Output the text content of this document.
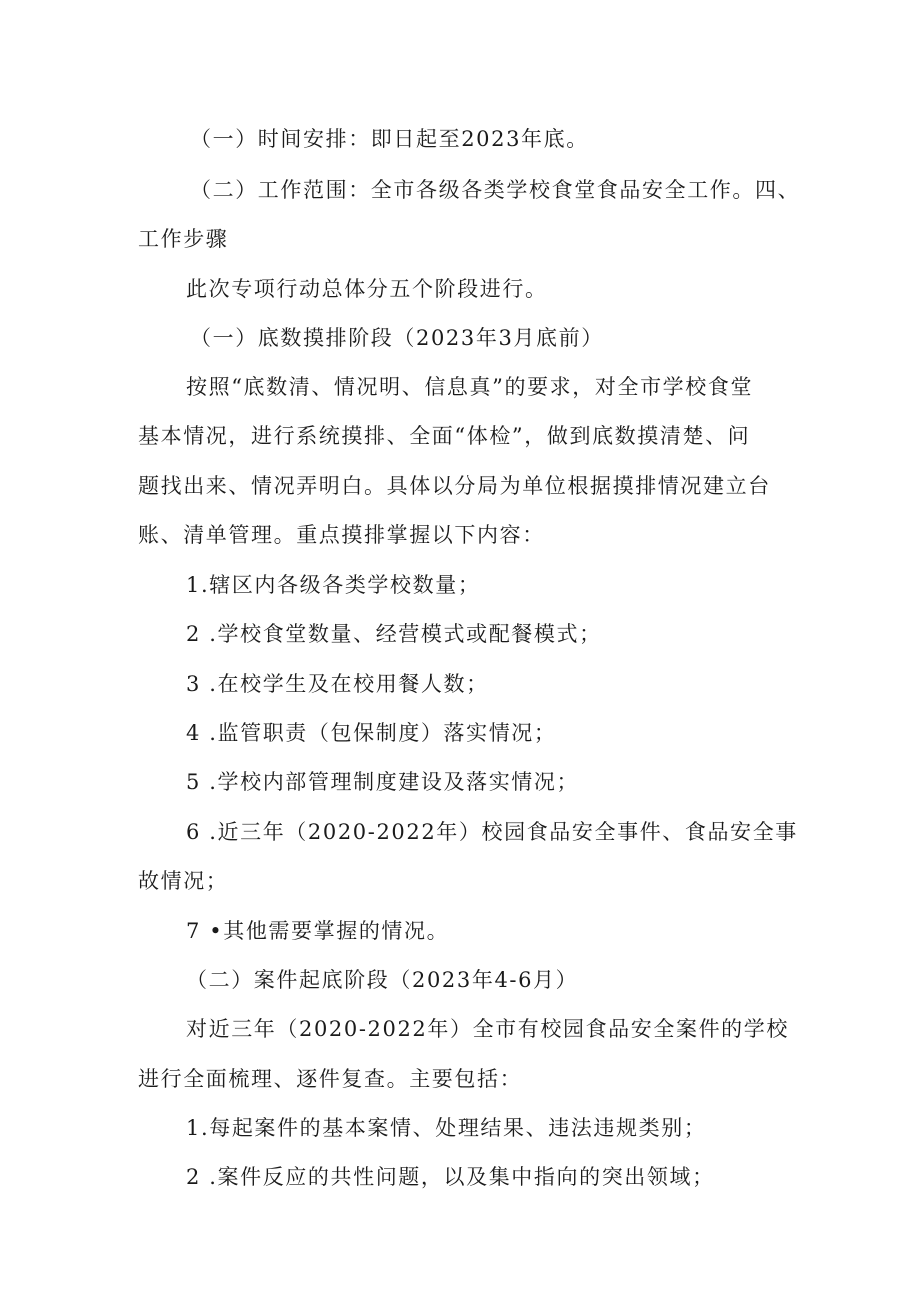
（一）时间安排：即日起至2023年底。
（二）工作范围：全市各级各类学校食堂食品安全工作。四、
工作步骤
此次专项行动总体分五个阶段进行。
（一）底数摸排阶段（2023年3月底前）
按照“底数清、情况明、信息真”的要求，对全市学校食堂
基本情况，进行系统摸排、全面“体检”，做到底数摸清楚、问
题找出来、情况弄明白。具体以分局为单位根据摸排情况建立台
账、清单管理。重点摸排掌握以下内容：
1.辖区内各级各类学校数量；
2 .学校食堂数量、经营模式或配餐模式；
3 .在校学生及在校用餐人数；
4 .监管职责（包保制度）落实情况；
5 .学校内部管理制度建设及落实情况；
6 .近三年（2020-2022年）校园食品安全事件、食品安全事
故情况；
7 •其他需要掌握的情况。
（二）案件起底阶段（2023年4-6月）
对近三年（2020-2022年）全市有校园食品安全案件的学校
进行全面梳理、逐件复查。主要包括：
1.每起案件的基本案情、处理结果、违法违规类别；
2 .案件反应的共性问题，以及集中指向的突出领域；
